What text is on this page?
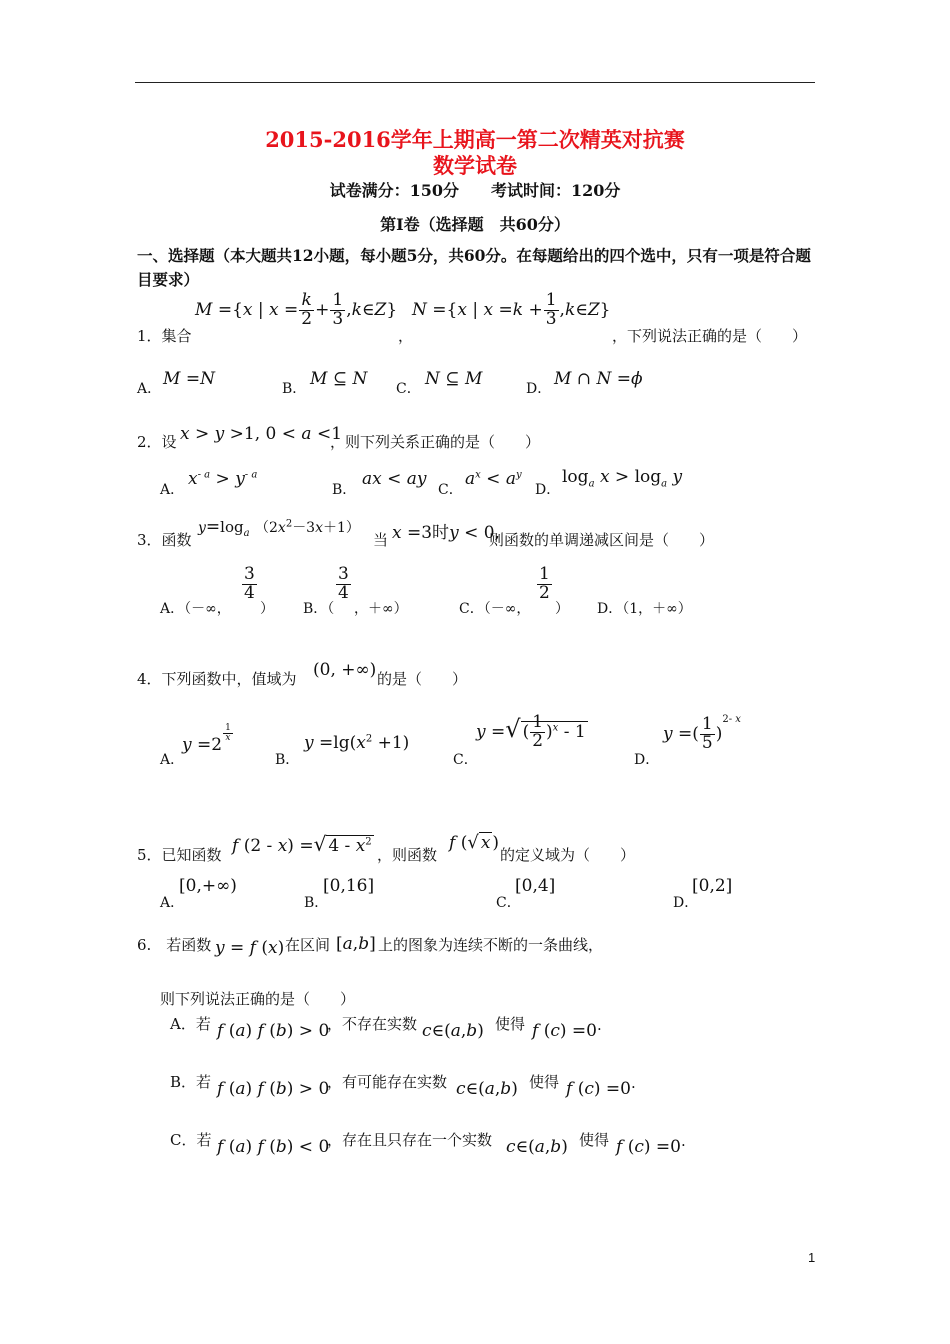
2015-2016学年上期高一第二次精英对抗赛
数学试卷
试卷满分：150分　　考试时间：120分
第Ⅰ卷（选择题　共60分）
一、选择题（本大题共12小题，每小题5分，共60分。在每题给出的四个选中，只有一项是符合题
目要求）
1．集合
M ={x | $x = \frac{k}{2} + \frac{1}{3}$ ,k∈Z}
，
N ={x | $x =k + \frac{1}{3}$ ,k∈Z}
，下列说法正确的是（　　）
A． M =N	B． M ⊆ N C． N ⊆ M	D． M ∩ N =ϕ
2．设 x > y >1, 0 < a <1
，则下列关系正确的是（　　）
A．
$x^{- a} > y^{- a}$
B．
ax < ay
C．
$a^x < a^y$
D．
$\log_a x > \log_a y$
3．函数
$y=\log_a$ $(2x^2-3x+1)$
当 x =3时y < 0,
则函数的单调递减区间是（　　）
A．（－∞，
$\frac{3}{4}$
） B．（
$\frac{3}{4}$
，＋∞）	C．（－∞，
$\frac{1}{2}$
） D．（1，＋∞）
4．下列函数中，值域为 (0, +∞) 的是（　　）
A．
y =2
$^{\frac{1}{x}}$
B．
$y =\lg(x^2 +1)$
C．
y =√ ( $\frac{1}{2} )^x - 1$
D．
y =( $\frac{1}{5} )^{2- x}$
5．已知函数 f (2 - x) =√ $4 - x^2$
，则函数
f (√ x )
的定义域为（　　）
A．
[0,+∞)
B．
[0,16]
C．
[0,4]
D．
[0,2]
6.　若函数 y = f (x) 在区间 [a,b] 上的图象为连续不断的一条曲线，
则下列说法正确的是（　　）
A．若 f (a) f (b) > 0
，不存在实数 c∈(a,b) 使得 f (c) =0 .
B．若 f (a) f (b) > 0
，有可能存在实数 c∈(a,b) 使得 f (c) =0 .
C．若 f (a) f (b) < 0
，存在且只存在一个实数 c∈(a,b) 使得 f (c) =0 .
1
